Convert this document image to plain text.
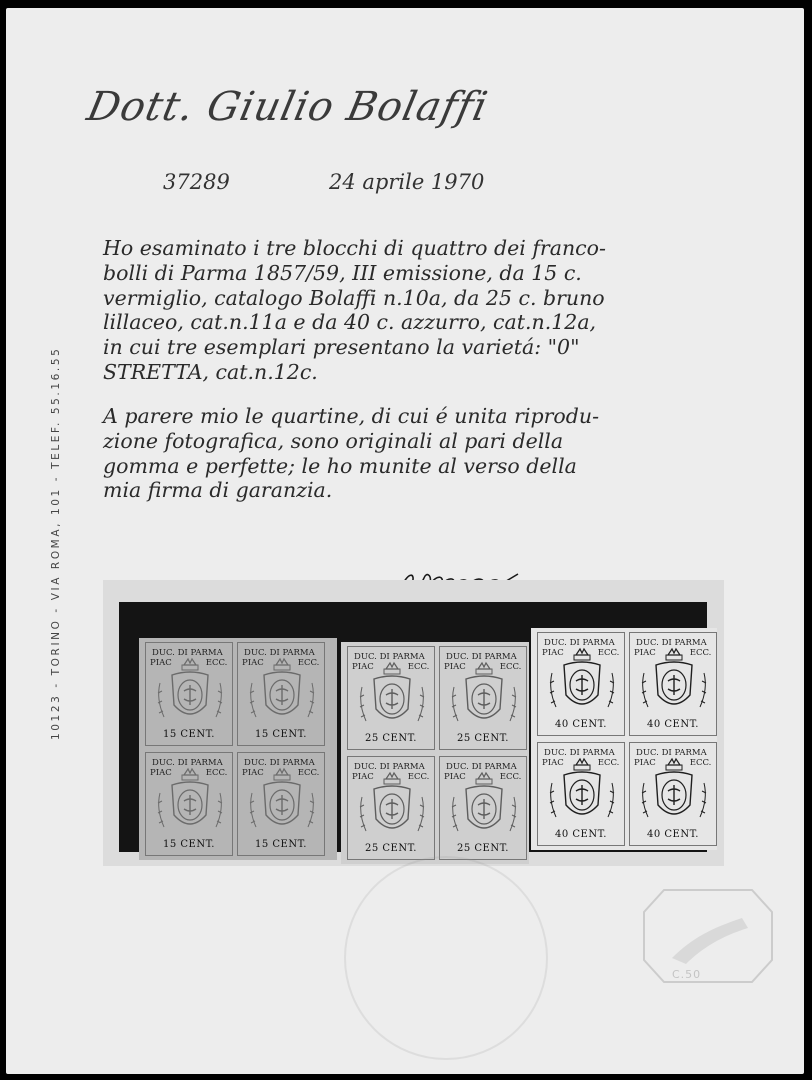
Dott. Giulio Bolaffi
37289	24 aprile 1970
Ho esaminato i tre blocchi di quattro dei franco-
bolli di Parma 1857/59, III emissione, da 15 c.
vermiglio, catalogo Bolaffi n.10a, da 25 c. bruno
lillaceo, cat.n.11a e da 40 c. azzurro, cat.n.12a,
in cui tre esemplari presentano la varietá: "0"
STRETTA, cat.n.12c.
A parere mio le quartine, di cui é unita riprodu-
zione fotografica, sono originali al pari della
gomma e perfette; le ho munite al verso della
mia firma di garanzia.
10123 - TORINO - VIA ROMA, 101 - TELEF. 55.16.55	DUC. DI PARMA
PIAC	ECC.
15 CENT.
DUC. DI PARMA
PIAC	ECC.
15 CENT.
DUC. DI PARMA
PIAC	ECC.
15 CENT.
DUC. DI PARMA
PIAC	ECC.
15 CENT.
DUC. DI PARMA
PIAC	ECC.
25 CENT.
DUC. DI PARMA
PIAC	ECC.
25 CENT.
DUC. DI PARMA
PIAC	ECC.
25 CENT.
DUC. DI PARMA
PIAC	ECC.
25 CENT.
DUC. DI PARMA
PIAC	ECC.
40 CENT.
DUC. DI PARMA
PIAC	ECC.
40 CENT.
DUC. DI PARMA
PIAC	ECC.
40 CENT.
DUC. DI PARMA
PIAC	ECC.
40 CENT.
C.50
